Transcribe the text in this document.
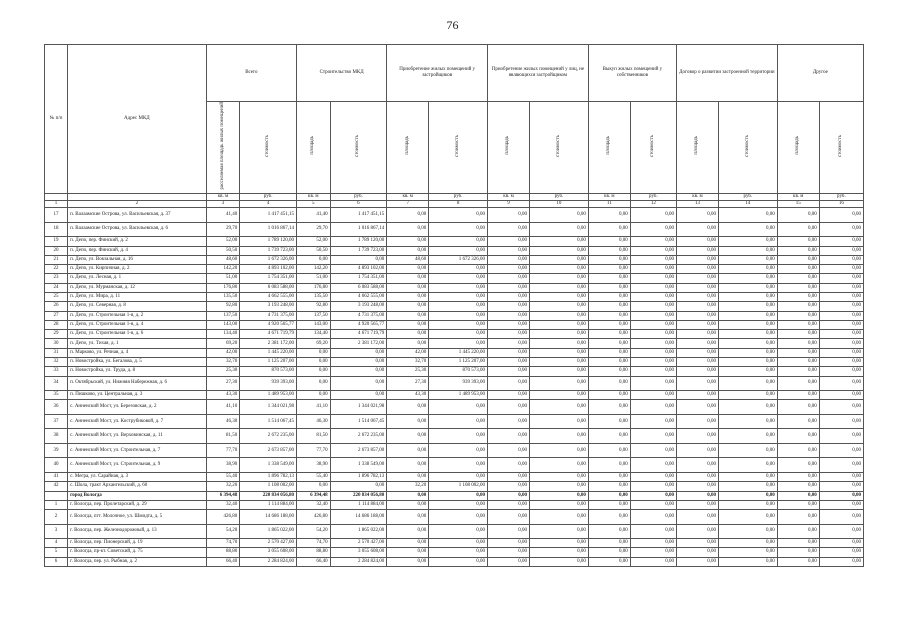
76
№ п/п	Адрес МКД	Всего		Строительство МКД		Приобретение жилых помещений у застройщиков		Приобретение жилых помещений у лиц, не являющихся застройщиком		Выкуп жилых помещений у собственников		Договор о развитии застроенной территории		Другое	
		расселяемая площадь жилых помещений	стоимость	площадь	стоимость	площадь	стоимость	площадь	стоимость	площадь	стоимость	площадь	стоимость	площадь	стоимость
		кв. м	руб.	кв. м	руб.	кв. м	руб.	кв. м	руб.	кв. м	руб.	кв. м	руб.	кв. м	руб.
1	2	3	4	5	6	7	8	9	10	11	12	13	14	15	16
17	п. Валаамские Острова, ул. Васильевская, д. 37	41,40	1 417 451,15	41,40	1 417 451,15	0,00	0,00	0,00	0,00	0,00	0,00	0,00	0,00	0,00	0,00
18	п. Валаамские Острова, ул. Васильевская, д. 6	29,70	1 016 867,14	29,70	1 016 867,14	0,00	0,00	0,00	0,00	0,00	0,00	0,00	0,00	0,00	0,00
19	п. Депо, пер. Финский, д. 2	52,00	1 789 120,00	52,00	1 789 120,00	0,00	0,00	0,00	0,00	0,00	0,00	0,00	0,00	0,00	0,00
20	п. Депо, пер. Финский, д. 4	50,50	1 739 723,00	50,50	1 739 723,00	0,00	0,00	0,00	0,00	0,00	0,00	0,00	0,00	0,00	0,00
21	п. Депо, ул. Вокзальная, д. 16	48,60	1 672 326,00	0,00	0,00	48,60	1 672 326,00	0,00	0,00	0,00	0,00	0,00	0,00	0,00	0,00
22	п. Депо, ул. Кирпичная, д. 2	142,20	4 893 102,00	142,20	4 893 102,00	0,00	0,00	0,00	0,00	0,00	0,00	0,00	0,00	0,00	0,00
23	п. Депо, ул. Лесная, д. 1	51,00	1 754 351,00	51,00	1 754 351,00	0,00	0,00	0,00	0,00	0,00	0,00	0,00	0,00	0,00	0,00
24	п. Депо, ул. Мурманская, д. 12	176,80	6 083 588,00	176,80	6 083 588,00	0,00	0,00	0,00	0,00	0,00	0,00	0,00	0,00	0,00	0,00
25	п. Депо, ул. Мира, д. 11	135,50	4 662 555,00	135,50	4 662 555,00	0,00	0,00	0,00	0,00	0,00	0,00	0,00	0,00	0,00	0,00
26	п. Депо, ул. Северная, д. 8	92,80	3 193 248,00	92,80	3 193 248,00	0,00	0,00	0,00	0,00	0,00	0,00	0,00	0,00	0,00	0,00
27	п. Депо, ул. Строительная 1-я, д. 2	137,50	4 731 375,00	137,50	4 731 375,00	0,00	0,00	0,00	0,00	0,00	0,00	0,00	0,00	0,00	0,00
28	п. Депо, ул. Строительная 1-я, д. 4	143,00	4 920 565,77	143,00	4 920 565,77	0,00	0,00	0,00	0,00	0,00	0,00	0,00	0,00	0,00	0,00
29	п. Депо, ул. Строительная 1-я, д. 6	134,40	4 671 719,79	134,40	4 671 719,79	0,00	0,00	0,00	0,00	0,00	0,00	0,00	0,00	0,00	0,00
30	п. Депо, ул. Тихая, д. 1	69,20	2 381 172,00	69,20	2 381 172,00	0,00	0,00	0,00	0,00	0,00	0,00	0,00	0,00	0,00	0,00
31	п. Марково, ул. Речная, д. 4	42,00	1 445 220,00	0,00	0,00	42,00	1 445 220,00	0,00	0,00	0,00	0,00	0,00	0,00	0,00	0,00
32	п. Новостройка, ул. Бегалова, д. 5	32,70	1 125 207,00	0,00	0,00	32,70	1 125 207,00	0,00	0,00	0,00	0,00	0,00	0,00	0,00	0,00
33	п. Новостройка, ул. Труда, д. 8	25,30	870 573,00	0,00	0,00	25,30	870 573,00	0,00	0,00	0,00	0,00	0,00	0,00	0,00	0,00
34	п. Октябрьский, ул. Нижняя Набережная, д. 6	27,30	939 393,00	0,00	0,00	27,30	939 393,00	0,00	0,00	0,00	0,00	0,00	0,00	0,00	0,00
35	п. Пишково, ул. Центральная, д. 3	43,30	1 489 953,00	0,00	0,00	43,30	1 489 953,00	0,00	0,00	0,00	0,00	0,00	0,00	0,00	0,00
36	с. Анненский Мост, ул. Березовская, д. 2	41,10	1 344 021,98	41,10	1 344 021,98	0,00	0,00	0,00	0,00	0,00	0,00	0,00	0,00	0,00	0,00
37	с. Анненский Мост, ул. Кострубиковой, д. 7	46,30	1 514 067,45	46,30	1 514 067,45	0,00	0,00	0,00	0,00	0,00	0,00	0,00	0,00	0,00	0,00
38	с. Анненский Мост, ул. Верховинская, д. 11	81,50	2 672 235,00	81,50	2 672 235,00	0,00	0,00	0,00	0,00	0,00	0,00	0,00	0,00	0,00	0,00
39	с. Анненский Мост, ул. Строительная, д. 7	77,70	2 673 857,00	77,70	2 673 857,00	0,00	0,00	0,00	0,00	0,00	0,00	0,00	0,00	0,00	0,00
40	с. Анненский Мост, ул. Строительная, д. 9	38,90	1 338 549,00	38,90	1 338 549,00	0,00	0,00	0,00	0,00	0,00	0,00	0,00	0,00	0,00	0,00
41	с. Мегра, ул. Сарайная, д. 3	55,40	1 896 782,13	55,40	1 896 782,13	0,00	0,00	0,00	0,00	0,00	0,00	0,00	0,00	0,00	0,00
42	с. Шола, тракт Архангельский, д. 60	32,20	1 108 002,00	0,00	0,00	32,20	1 108 002,00	0,00	0,00	0,00	0,00	0,00	0,00	0,00	0,00
	город Вологда	6 394,48	220 834 056,80	6 394,48	220 834 056,80	0,00	0,00	0,00	0,00	0,00	0,00	0,00	0,00	0,00	0,00
1	г. Вологда, пер. Пролетарский, д. 29	32,40	1 114 884,00	32,40	1 114 884,00	0,00	0,00	0,00	0,00	0,00	0,00	0,00	0,00	0,00	0,00
2	г. Вологда, пгт. Молочное, ул. Шмидта, д. 5	426,80	14 686 188,00	426,80	14 686 188,00	0,00	0,00	0,00	0,00	0,00	0,00	0,00	0,00	0,00	0,00
3	г. Вологда, пер. Железнодорожный, д. 13	54,20	1 865 022,00	54,20	1 865 022,00	0,00	0,00	0,00	0,00	0,00	0,00	0,00	0,00	0,00	0,00
4	г. Вологда, пер. Пионерский, д. 19	74,70	2 570 427,00	74,70	2 570 427,00	0,00	0,00	0,00	0,00	0,00	0,00	0,00	0,00	0,00	0,00
5	г. Вологда, пр-кт. Советский, д. 75	88,80	3 055 608,00	88,80	3 055 608,00	0,00	0,00	0,00	0,00	0,00	0,00	0,00	0,00	0,00	0,00
6	г. Вологда, пер. ул. Рыбная, д. 2	66,40	2 284 824,00	66,40	2 284 824,00	0,00	0,00	0,00	0,00	0,00	0,00	0,00	0,00	0,00	0,00
